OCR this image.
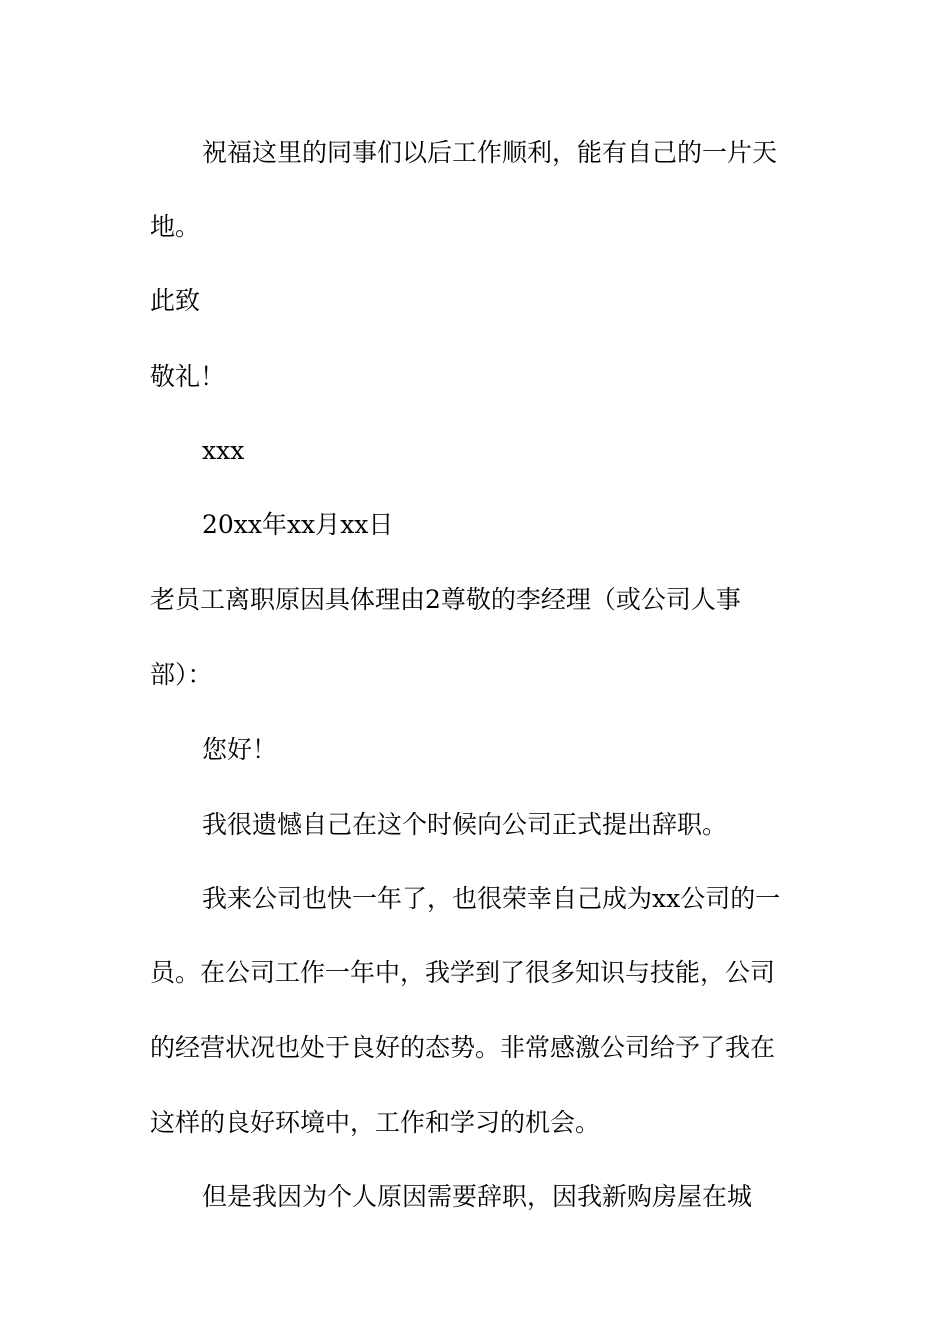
祝福这里的同事们以后工作顺利，能有自己的一片天

地。

此致

敬礼！

xxx

20xx年xx月xx日

老员工离职原因具体理由2尊敬的李经理（或公司人事

部）：

您好！

我很遗憾自己在这个时候向公司正式提出辞职。

我来公司也快一年了，也很荣幸自己成为xx公司的一

员。在公司工作一年中，我学到了很多知识与技能，公司

的经营状况也处于良好的态势。非常感激公司给予了我在

这样的良好环境中，工作和学习的机会。

但是我因为个人原因需要辞职，因我新购房屋在城
